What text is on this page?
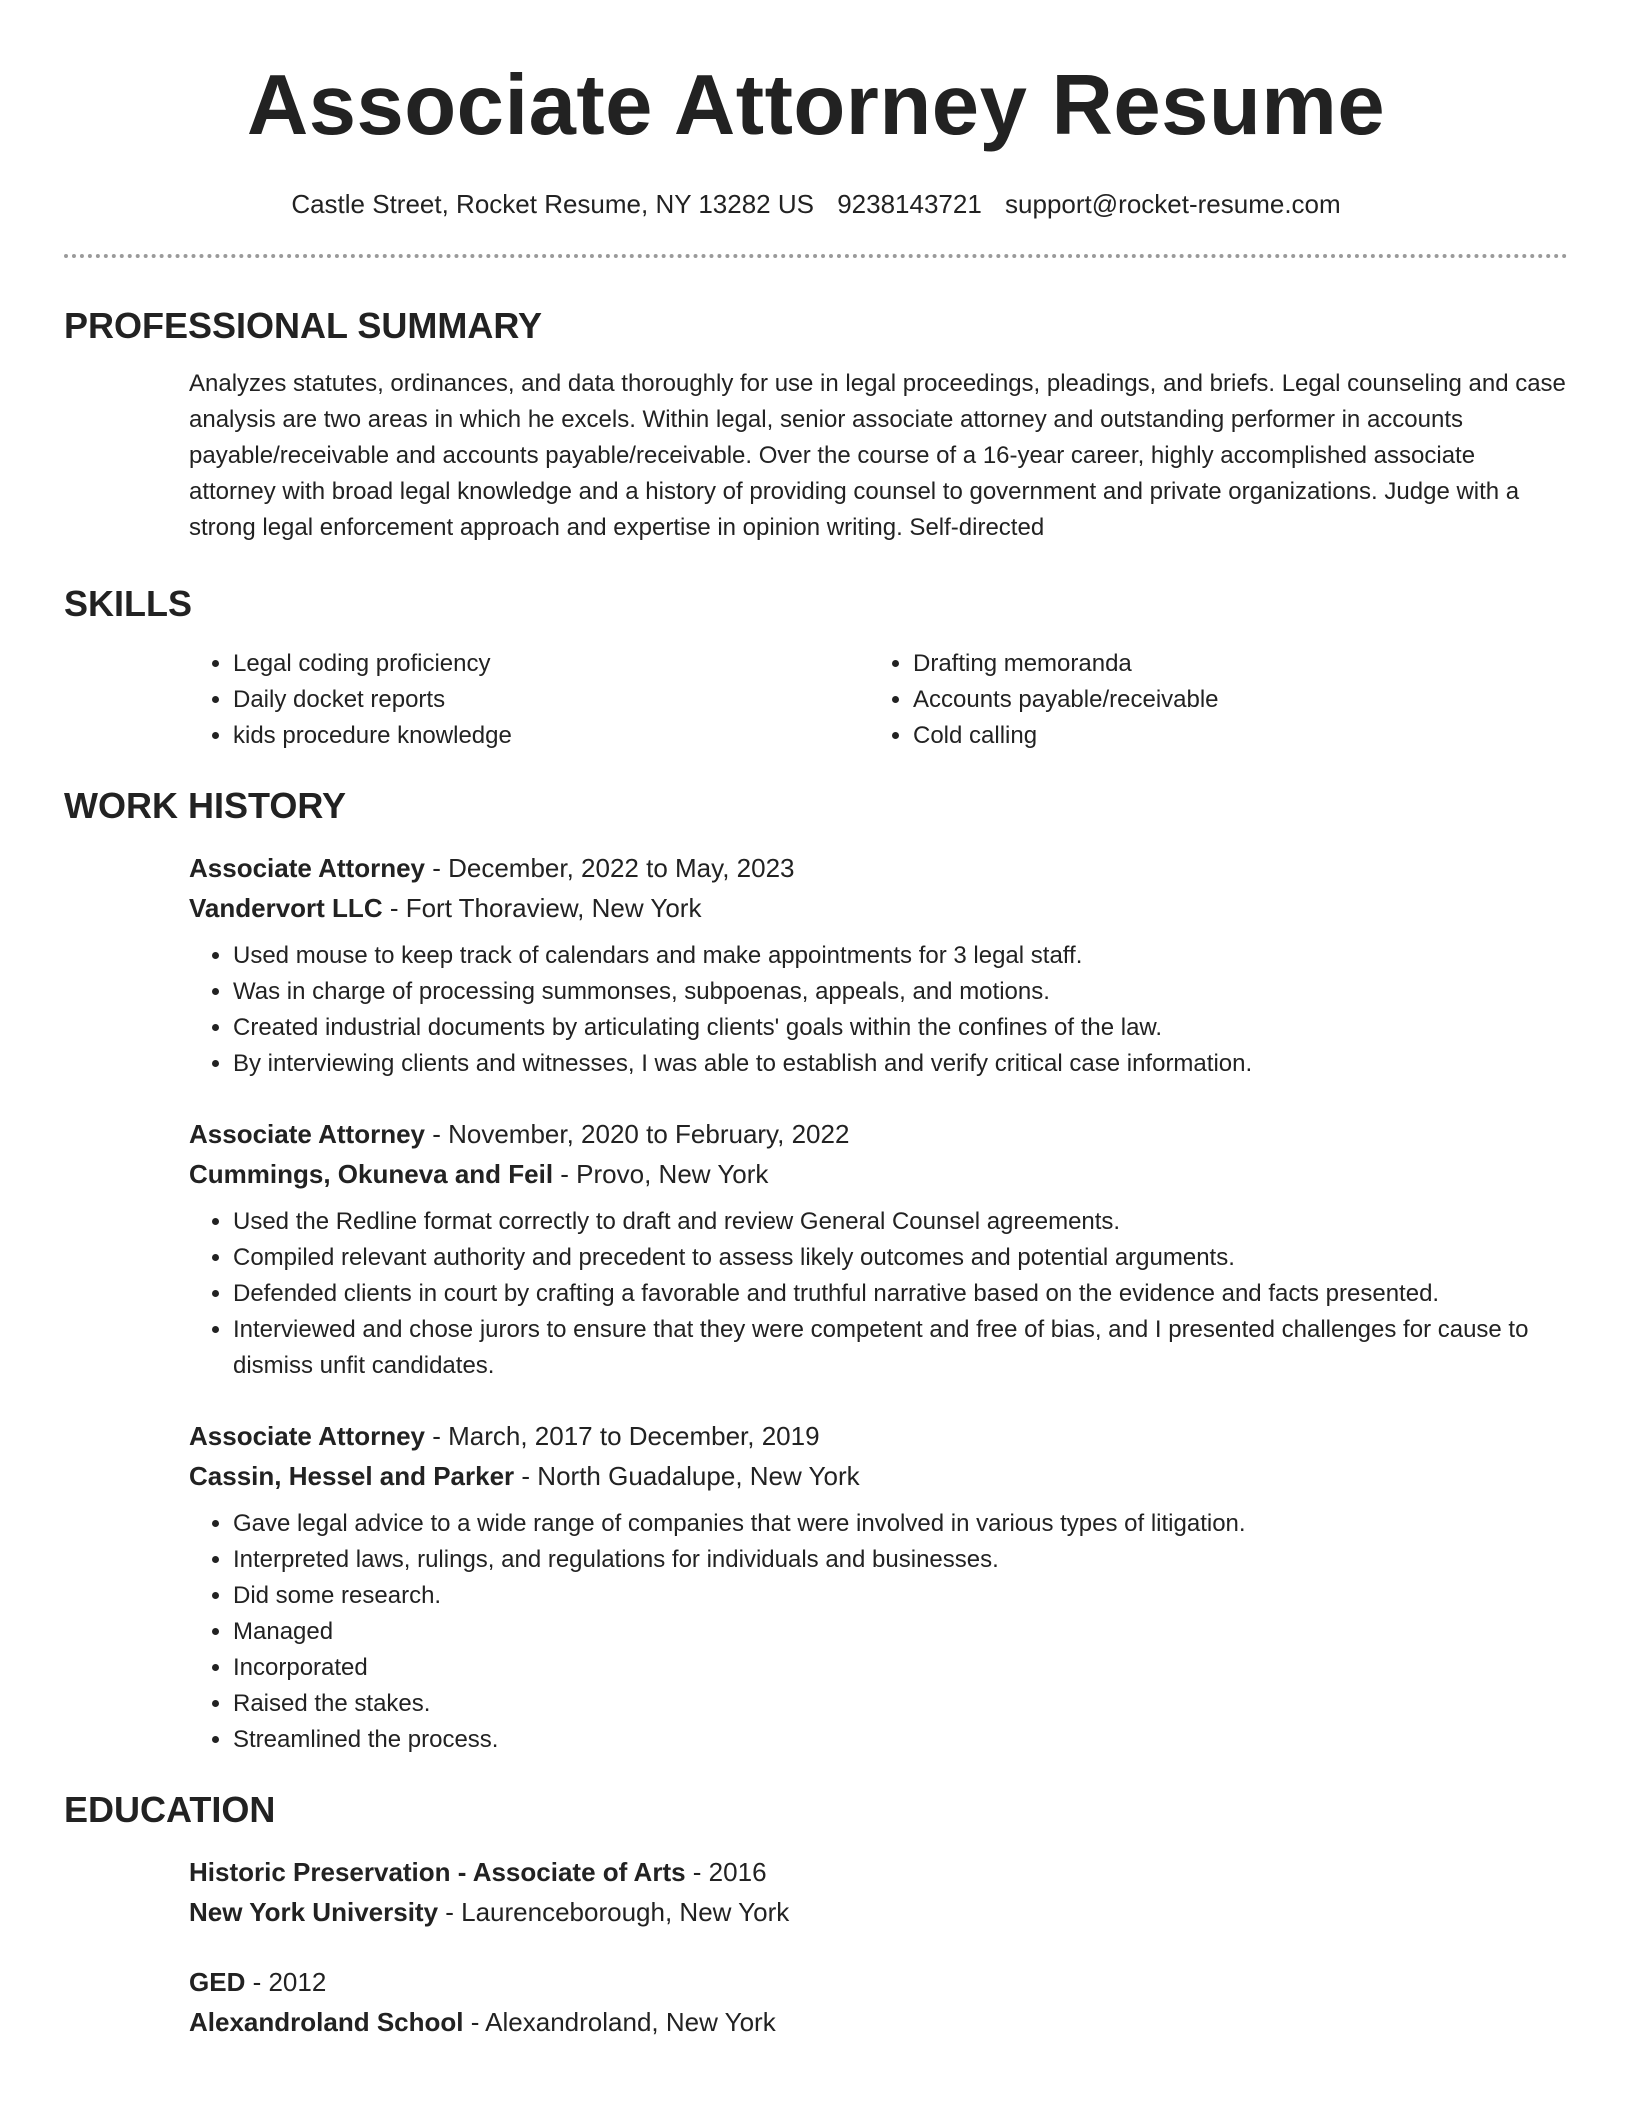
Associate Attorney Resume
Castle Street, Rocket Resume, NY 13282 US 9238143721 support@rocket-resume.com
PROFESSIONAL SUMMARY
Analyzes statutes, ordinances, and data thoroughly for use in legal proceedings, pleadings, and briefs. Legal counseling and case analysis are two areas in which he excels. Within legal, senior associate attorney and outstanding performer in accounts payable/receivable and accounts payable/receivable. Over the course of a 16-year career, highly accomplished associate attorney with broad legal knowledge and a history of providing counsel to government and private organizations. Judge with a strong legal enforcement approach and expertise in opinion writing. Self-directed
SKILLS
• Legal coding proficiency
• Daily docket reports
• kids procedure knowledge
• Drafting memoranda
• Accounts payable/receivable
• Cold calling
WORK HISTORY
Associate Attorney - December, 2022 to May, 2023
Vandervort LLC - Fort Thoraview, New York
• Used mouse to keep track of calendars and make appointments for 3 legal staff.
• Was in charge of processing summonses, subpoenas, appeals, and motions.
• Created industrial documents by articulating clients' goals within the confines of the law.
• By interviewing clients and witnesses, I was able to establish and verify critical case information.
Associate Attorney - November, 2020 to February, 2022
Cummings, Okuneva and Feil - Provo, New York
• Used the Redline format correctly to draft and review General Counsel agreements.
• Compiled relevant authority and precedent to assess likely outcomes and potential arguments.
• Defended clients in court by crafting a favorable and truthful narrative based on the evidence and facts presented.
• Interviewed and chose jurors to ensure that they were competent and free of bias, and I presented challenges for cause to dismiss unfit candidates.
Associate Attorney - March, 2017 to December, 2019
Cassin, Hessel and Parker - North Guadalupe, New York
• Gave legal advice to a wide range of companies that were involved in various types of litigation.
• Interpreted laws, rulings, and regulations for individuals and businesses.
• Did some research.
• Managed
• Incorporated
• Raised the stakes.
• Streamlined the process.
EDUCATION
Historic Preservation - Associate of Arts - 2016
New York University - Laurenceborough, New York
GED - 2012
Alexandroland School - Alexandroland, New York
